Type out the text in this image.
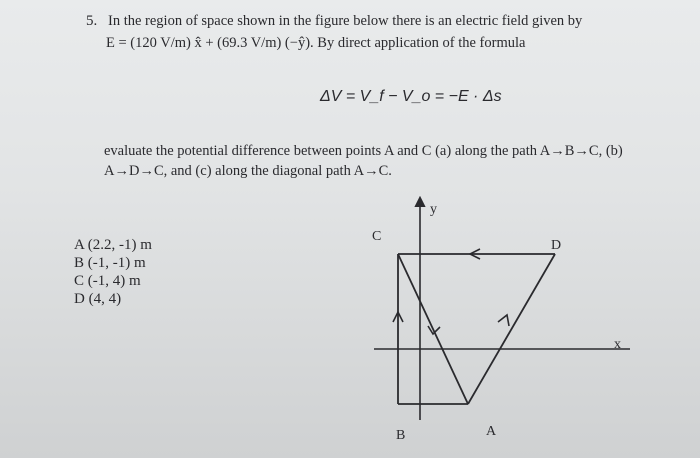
5. In the region of space shown in the figure below there is an electric field given by
E = (120 V/m) x̂ + (69.3 V/m) (−ŷ). By direct application of the formula
ΔV = V_f − V_o = −E · Δs
evaluate the potential difference between points A and C (a) along the path A→B→C, (b)
A→D→C, and (c) along the diagonal path A→C.
A (2.2, -1) m
B (-1, -1) m
C (-1, 4) m
D (4, 4)
y
x
C
D
B	A
